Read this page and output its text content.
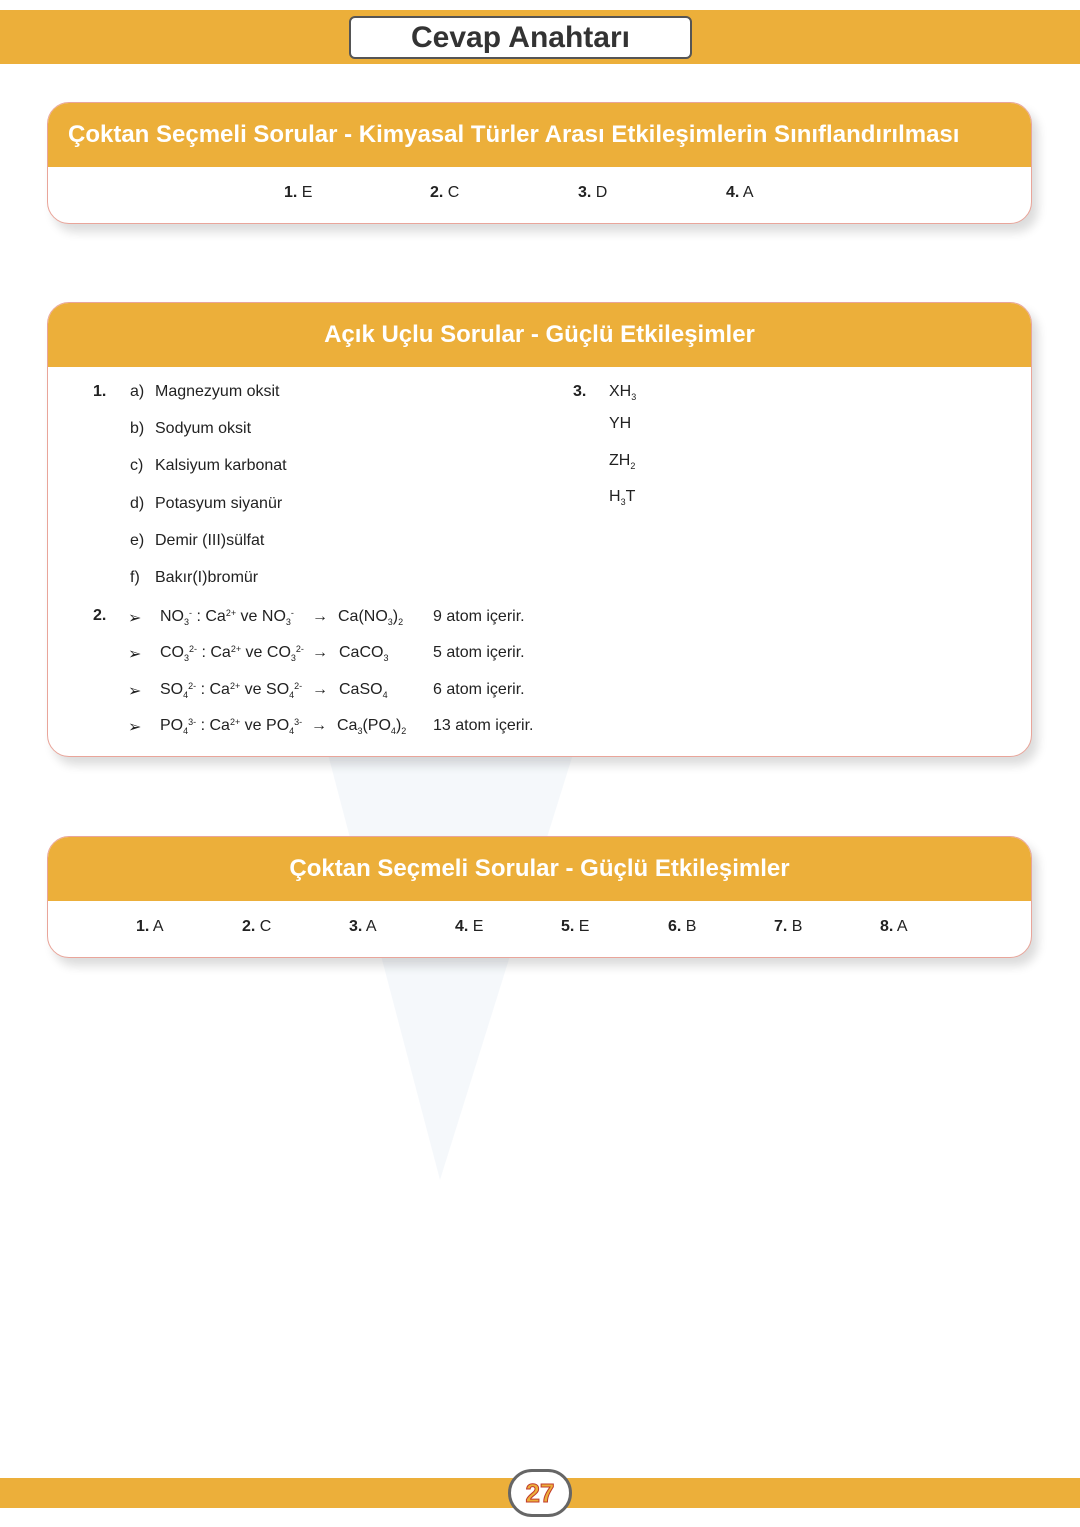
Cevap Anahtarı
Çoktan Seçmeli Sorular - Kimyasal Türler Arası Etkileşimlerin Sınıflandırılması
1. E	2. C	3. D	4. A
Açık Uçlu Sorular - Güçlü Etkileşimler
1. a) Magnezyum oksit
b) Sodyum oksit
c) Kalsiyum karbonat
d) Potasyum siyanür
e) Demir (III)sülfat
f) Bakır(I)bromür
2. ➢ $NO_3^-$ : $Ca^{2+}$ ve $NO_3^- \to Ca(NO_3)_2$ 9 atom içerir.
➢ $CO_3^{2-}$ : $Ca^{2+}$ ve $CO_3^{2-}$ → CaCO$_3$	5 atom içerir.
➢ $SO_4^{2-}$ : $Ca^{2+}$ ve $SO_4^{2-}$ → CaSO$_4$	6 atom içerir.
➢ $PO_4^{3-}$ : $Ca^{2+}$ ve $PO_4^{3-} \to Ca_3(PO_4)_2$ 13 atom içerir.
3. $XH_3$
YH
$ZH_2$
$H_3T$
Çoktan Seçmeli Sorular - Güçlü Etkileşimler
1. A	2. C	3. A	4. E	5. E	6. B	7. B	8. A
27
